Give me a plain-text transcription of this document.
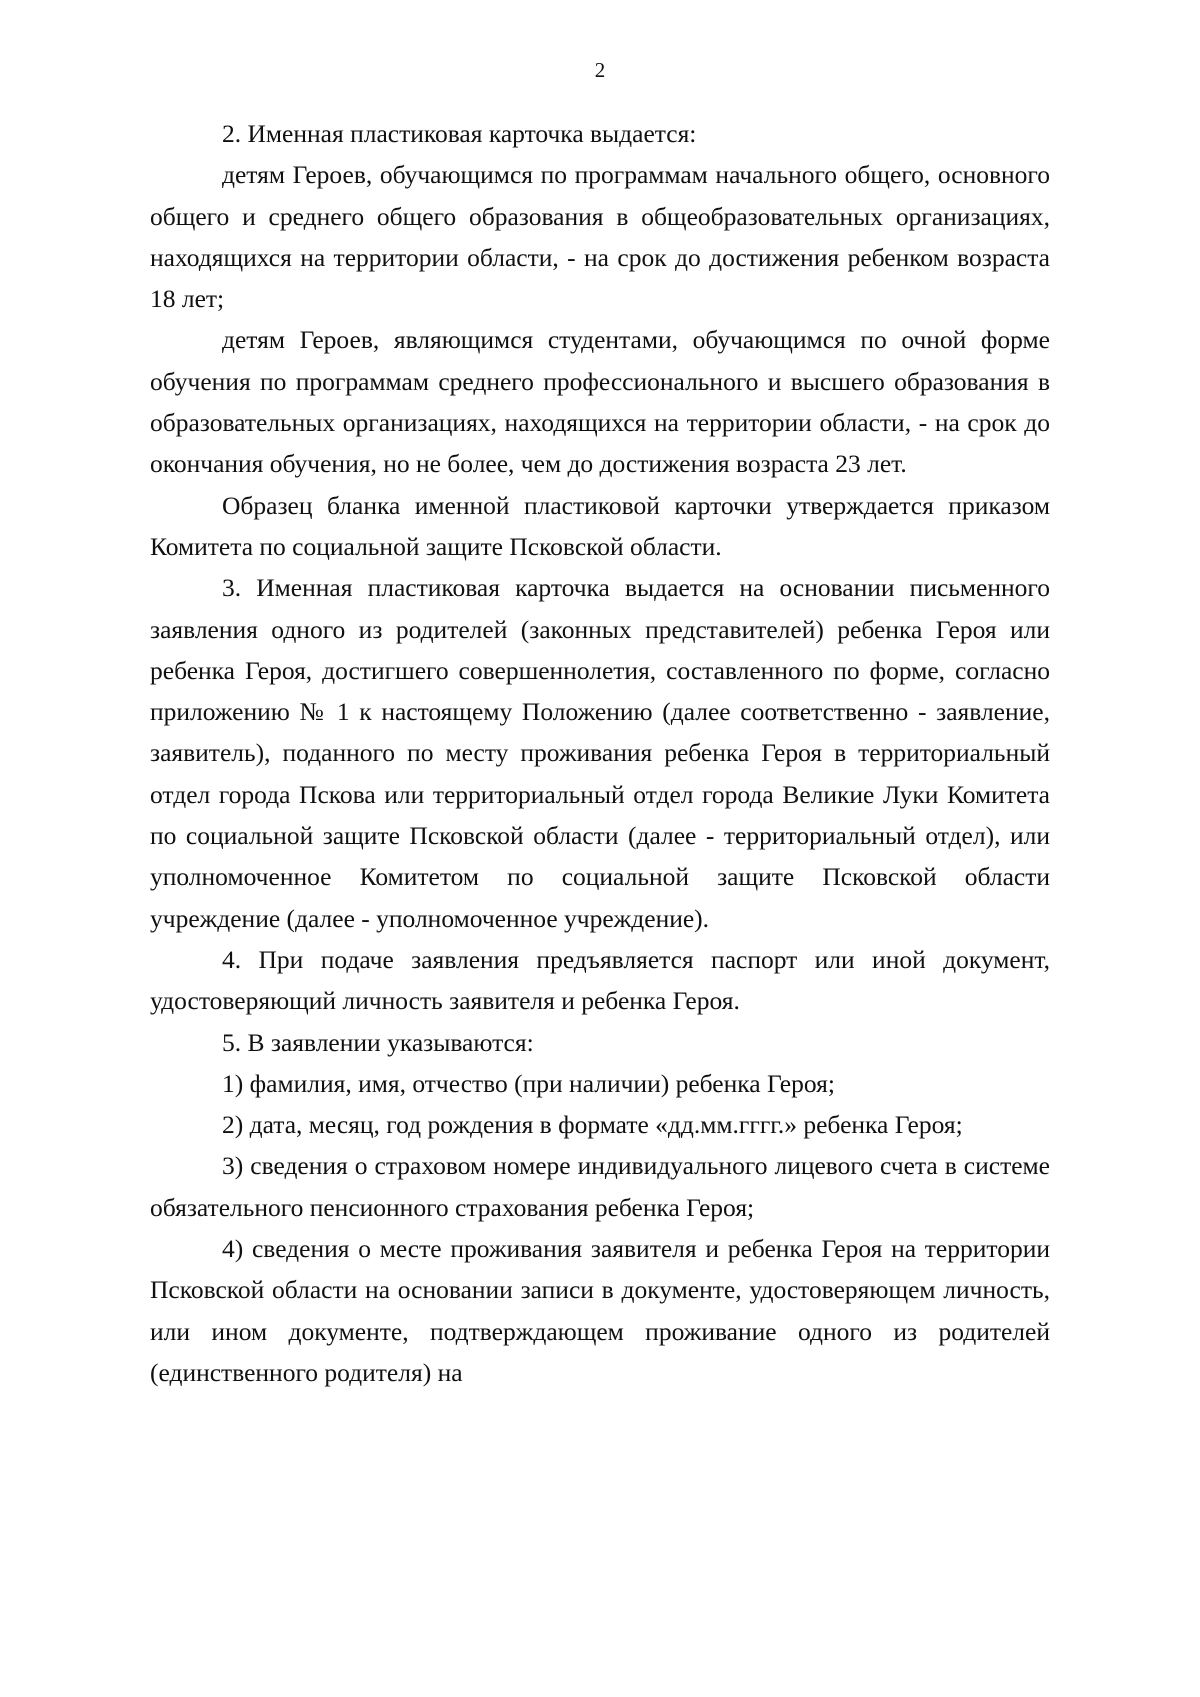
2

2. Именная пластиковая карточка выдается:

детям Героев, обучающимся по программам начального общего, основного общего и среднего общего образования в общеобразовательных организациях, находящихся на территории области, - на срок до достижения ребенком возраста 18 лет;

детям Героев, являющимся студентами, обучающимся по очной форме обучения по программам среднего профессионального и высшего образования в образовательных организациях, находящихся на территории области, - на срок до окончания обучения, но не более, чем до достижения возраста 23 лет.

Образец бланка именной пластиковой карточки утверждается приказом Комитета по социальной защите Псковской области.

3. Именная пластиковая карточка выдается на основании письменного заявления одного из родителей (законных представителей) ребенка Героя или ребенка Героя, достигшего совершеннолетия, составленного по форме, согласно приложению № 1 к настоящему Положению (далее соответственно - заявление, заявитель), поданного по месту проживания ребенка Героя в территориальный отдел города Пскова или территориальный отдел города Великие Луки Комитета по социальной защите Псковской области (далее - территориальный отдел), или уполномоченное Комитетом по социальной защите Псковской области учреждение (далее - уполномоченное учреждение).

4. При подаче заявления предъявляется паспорт или иной документ, удостоверяющий личность заявителя и ребенка Героя.

5. В заявлении указываются:

1) фамилия, имя, отчество (при наличии) ребенка Героя;

2) дата, месяц, год рождения в формате «дд.мм.гггг.» ребенка Героя;

3) сведения о страховом номере индивидуального лицевого счета в системе обязательного пенсионного страхования ребенка Героя;

4) сведения о месте проживания заявителя и ребенка Героя на территории Псковской области на основании записи в документе, удостоверяющем личность, или ином документе, подтверждающем проживание одного из родителей (единственного родителя) на
